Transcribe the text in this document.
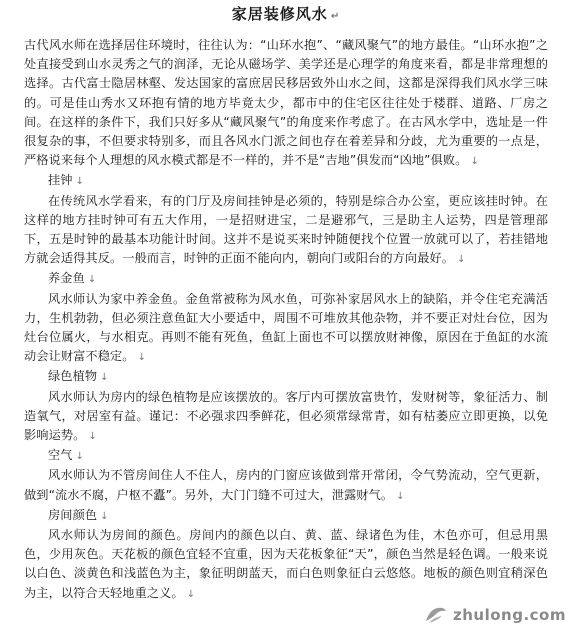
家居装修风水 ↵

古代风水师在选择居住环境时，往往认为：“山环水抱”、“藏风聚气”的地方最佳。“山环水抱”之处直接受到山水灵秀之气的润泽，无论从磁场学、美学还是心理学的角度来看，都是非常理想的选择。古代富士隐居林壑、发达国家的富庶居民移居致外山水之间，这都是深得我们风水学三味的。可是佳山秀水又环抱有情的地方毕竟太少，都市中的住宅区往往处于楼群、道路、厂房之间。在这样的条件下，我们只好多从“藏风聚气”的角度来作考虑了。在古风水学中，选址是一件很复杂的事，不但要求特别多，而且各风水门派之间也存在着差异和分歧，尤为重要的一点是，严格说来每个人理想的风水模式都是不一样的，并不是“吉地”俱发而“凶地”俱败。 ↓

挂钟 ↓

在传统风水学看来，有的门厅及房间挂钟是必须的，特别是综合办公室，更应该挂时钟。在这样的地方挂时钟可有五大作用，一是招财进宝，二是避邪气，三是助主人运势，四是管理部下，五是时钟的最基本功能计时间。这并不是说买来时钟随便找个位置一放就可以了，若挂错地方就会适得其反。一般而言，时钟的正面不能向内，朝向门或阳台的方向最好。 ↓

养金鱼 ↓

风水师认为家中养金鱼。金鱼常被称为风水鱼，可弥补家居风水上的缺陷，并令住宅充满活力，生机勃勃，但必须注意鱼缸大小要适中，周围不可堆放其他杂物，并不要正对灶台位，因为灶台位属火，与水相克。再则不能有死鱼，鱼缸上面也不可以摆放财神像，原因在于鱼缸的水流动会让财富不稳定。 ↓

绿色植物 ↓

风水师认为房内的绿色植物是应该摆放的。客厅内可摆放富贵竹，发财树等，象征活力、制造氧气，对居室有益。谨记：不必强求四季鲜花，但必须常绿常青，如有枯萎应立即更换，以免影响运势。 ↓

空气 ↓

风水师认为不管房间住人不住人，房内的门窗应该做到常开常闭，令气势流动，空气更新，做到“流水不腐，户枢不蠹”。另外，大门门缝不可过大，泄露财气。 ↓

房间颜色 ↓

风水师认为房间的颜色。房间内的颜色以白、黄、蓝、绿诸色为佳，木色亦可，但忌用黑色，少用灰色。天花板的颜色宜轻不宜重，因为天花板象征“天”，颜色当然是轻色调。一般来说以白色、淡黄色和浅蓝色为主，象征明朗蓝天，而白色则象征白云悠悠。地板的颜色则宜稍深色为主，以符合天轻地重之义。 ↓

zhulong.com
